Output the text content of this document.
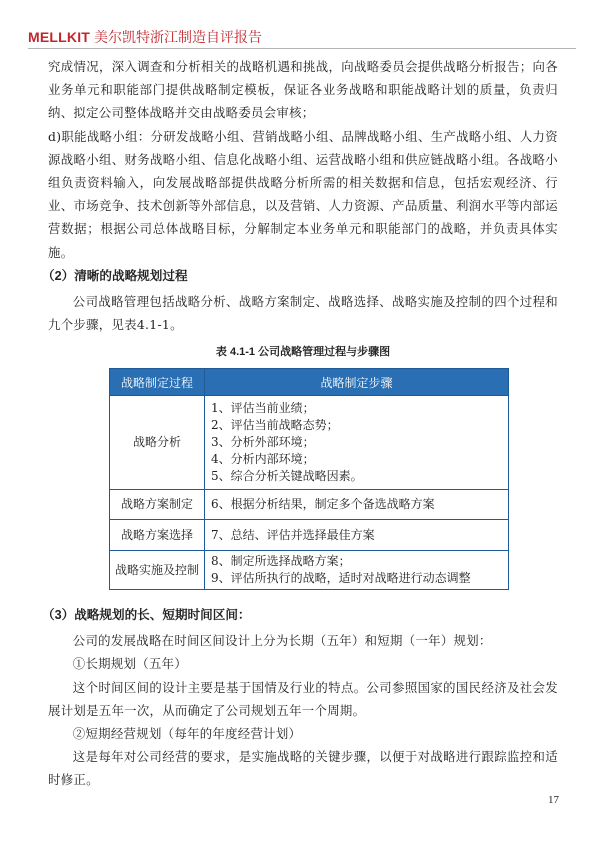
MELLKIT 美尔凯特浙江制造自评报告

究成情况，深入调查和分析相关的战略机遇和挑战，向战略委员会提供战略分析报告；向各业务单元和职能部门提供战略制定模板，保证各业务战略和职能战略计划的质量，负责归纳、拟定公司整体战略并交由战略委员会审核；

d)职能战略小组：分研发战略小组、营销战略小组、品牌战略小组、生产战略小组、人力资源战略小组、财务战略小组、信息化战略小组、运营战略小组和供应链战略小组。各战略小组负责资料输入，向发展战略部提供战略分析所需的相关数据和信息，包括宏观经济、行业、市场竞争、技术创新等外部信息，以及营销、人力资源、产品质量、利润水平等内部运营数据；根据公司总体战略目标，分解制定本业务单元和职能部门的战略，并负责具体实施。

（2）清晰的战略规划过程

公司战略管理包括战略分析、战略方案制定、战略选择、战略实施及控制的四个过程和九个步骤，见表4.1-1。

表 4.1-1 公司战略管理过程与步骤图
战略制定过程	战略制定步骤
战略分析	1、评估当前业绩；
2、评估当前战略态势；
3、分析外部环境；
4、分析内部环境；
5、综合分析关键战略因素。

战略方案制定	6、根据分析结果，制定多个备选战略方案

战略方案选择	7、总结、评估并选择最佳方案

战略实施及控制	8、制定所选择战略方案；
9、评估所执行的战略，适时对战略进行动态调整
（3）战略规划的长、短期时间区间：

公司的发展战略在时间区间设计上分为长期（五年）和短期（一年）规划：

①长期规划（五年）

这个时间区间的设计主要是基于国情及行业的特点。公司参照国家的国民经济及社会发展计划是五年一次，从而确定了公司规划五年一个周期。

②短期经营规划（每年的年度经营计划）

这是每年对公司经营的要求，是实施战略的关键步骤，以便于对战略进行跟踪监控和适时修正。

17
